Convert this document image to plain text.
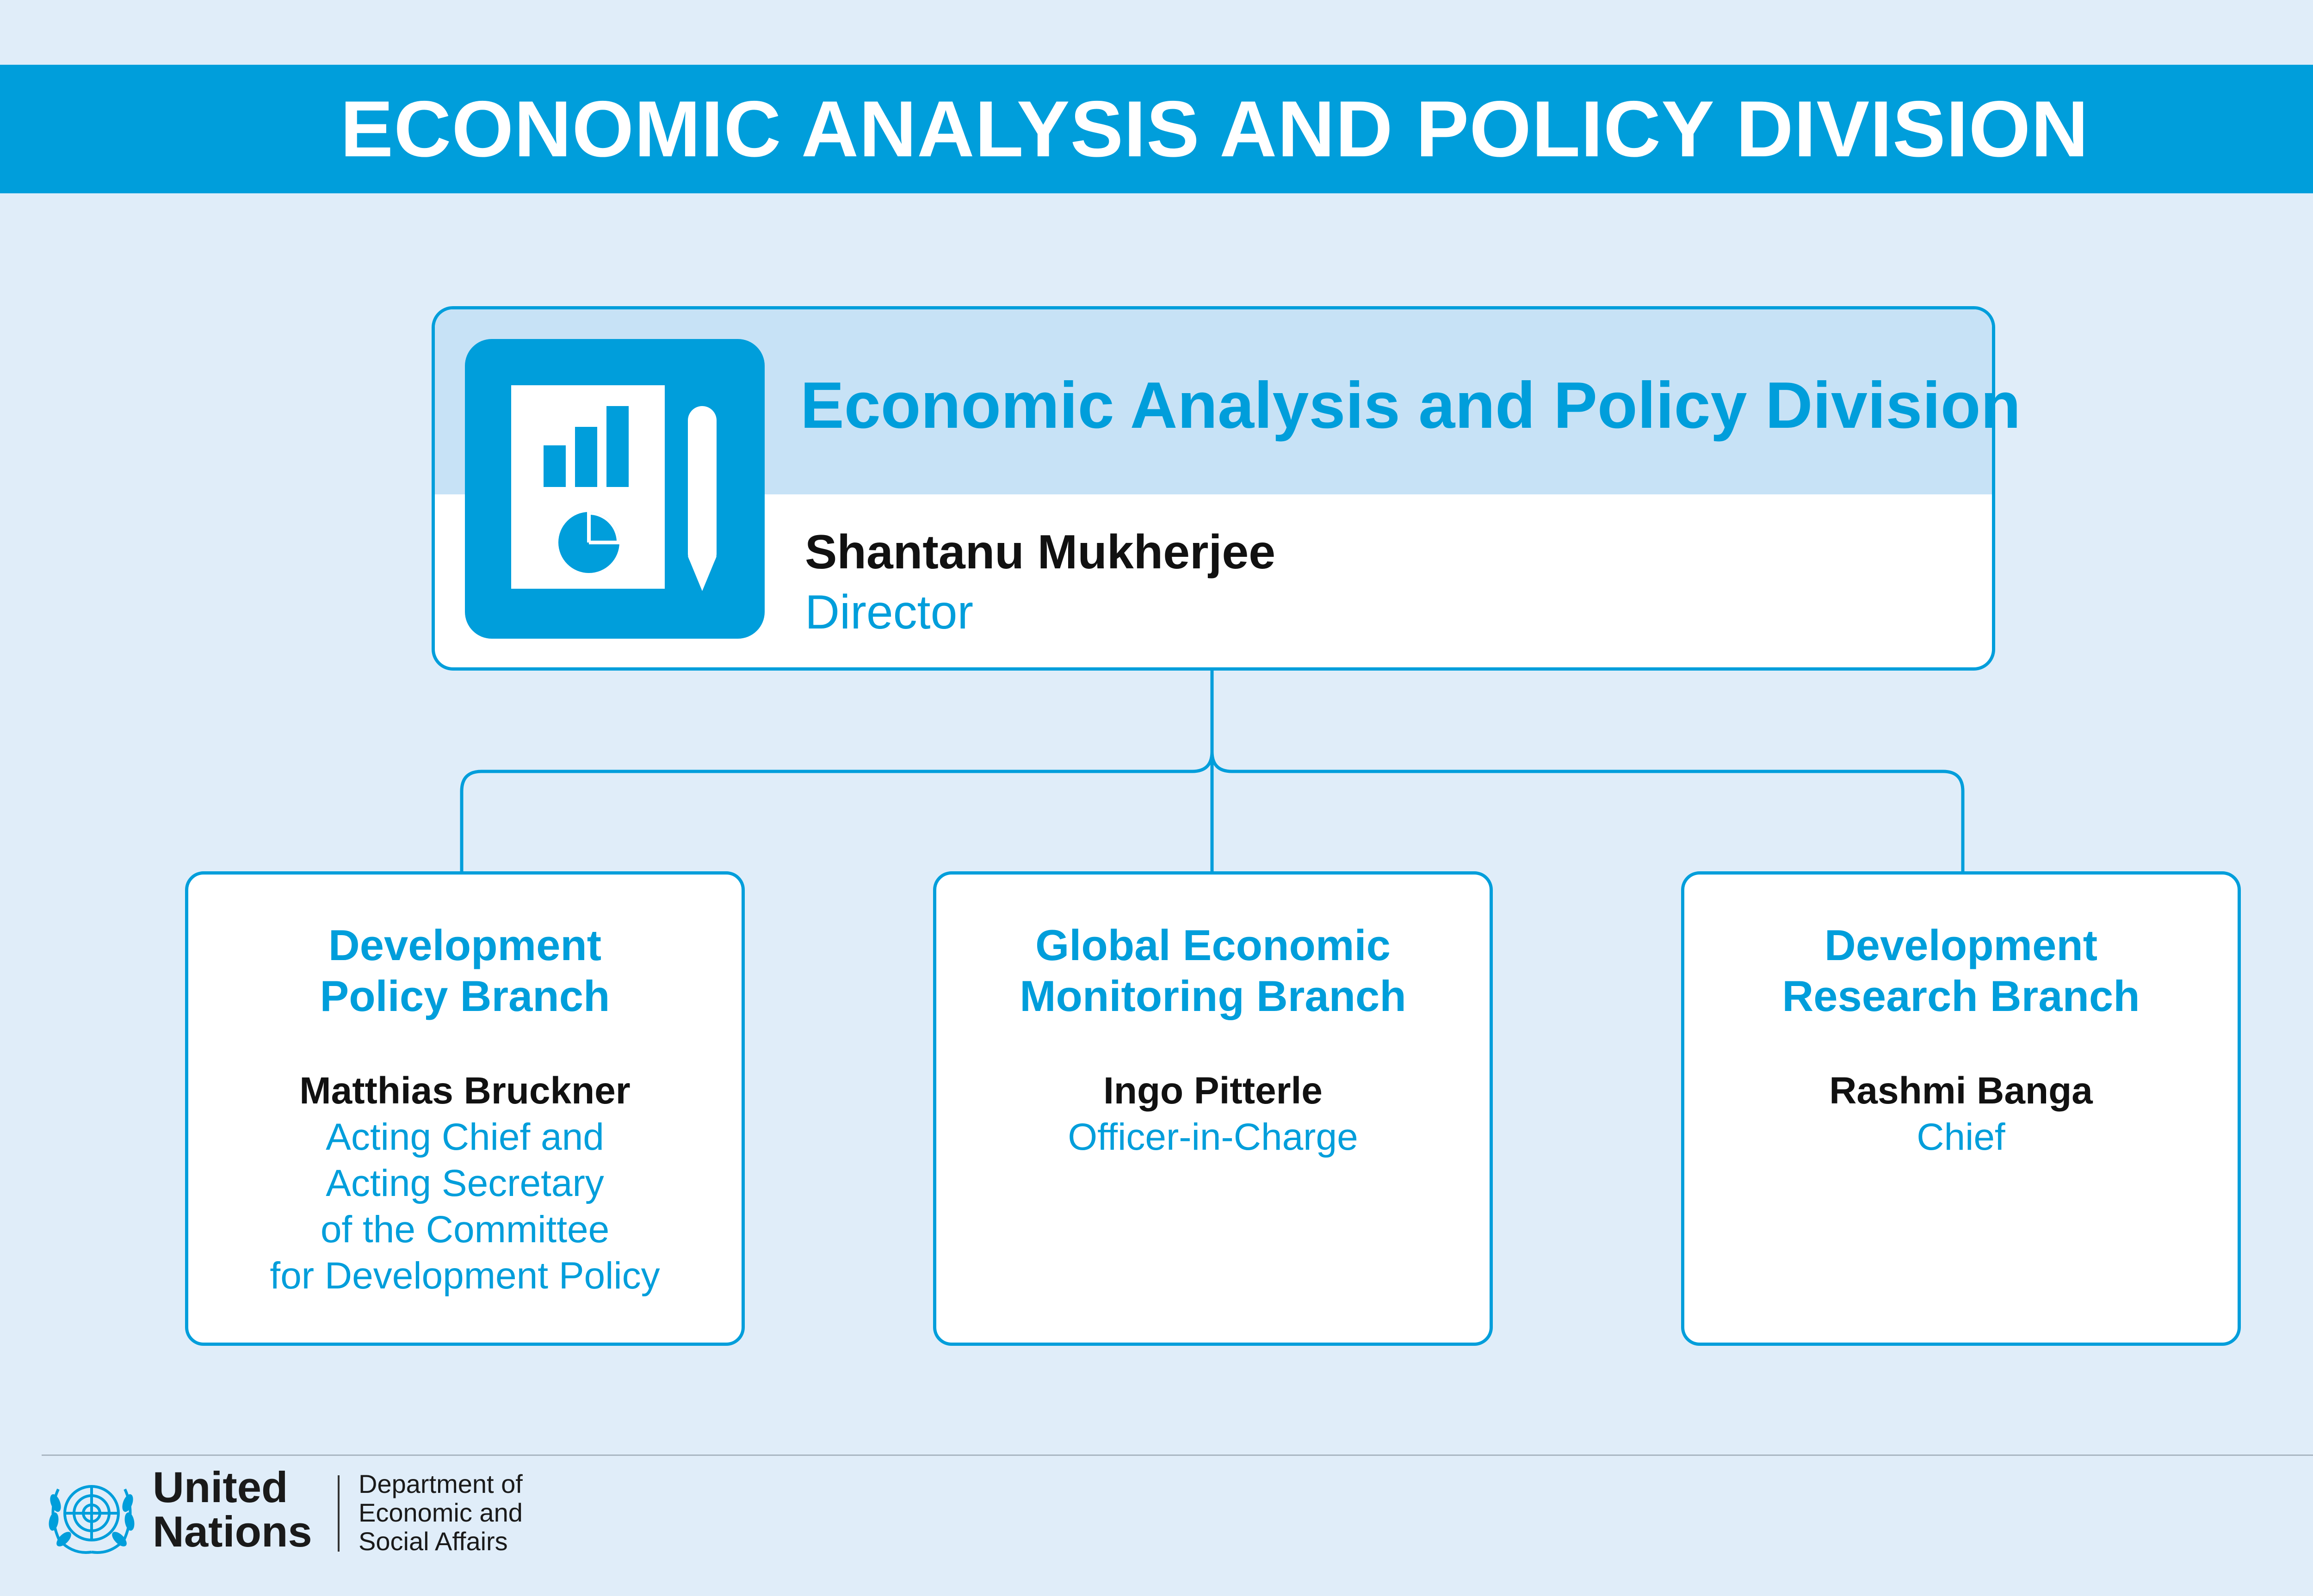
ECONOMIC ANALYSIS AND POLICY DIVISION
Economic Analysis and Policy Division
Shantanu Mukherjee
Director
Development
Policy Branch
Matthias Bruckner
Acting Chief and
Acting Secretary
of the Committee
for Development Policy
Global Economic
Monitoring Branch
Ingo Pitterle
Officer-in-Charge
Development
Research Branch
Rashmi Banga
Chief
United
Nations
Department of
Economic and
Social Affairs
